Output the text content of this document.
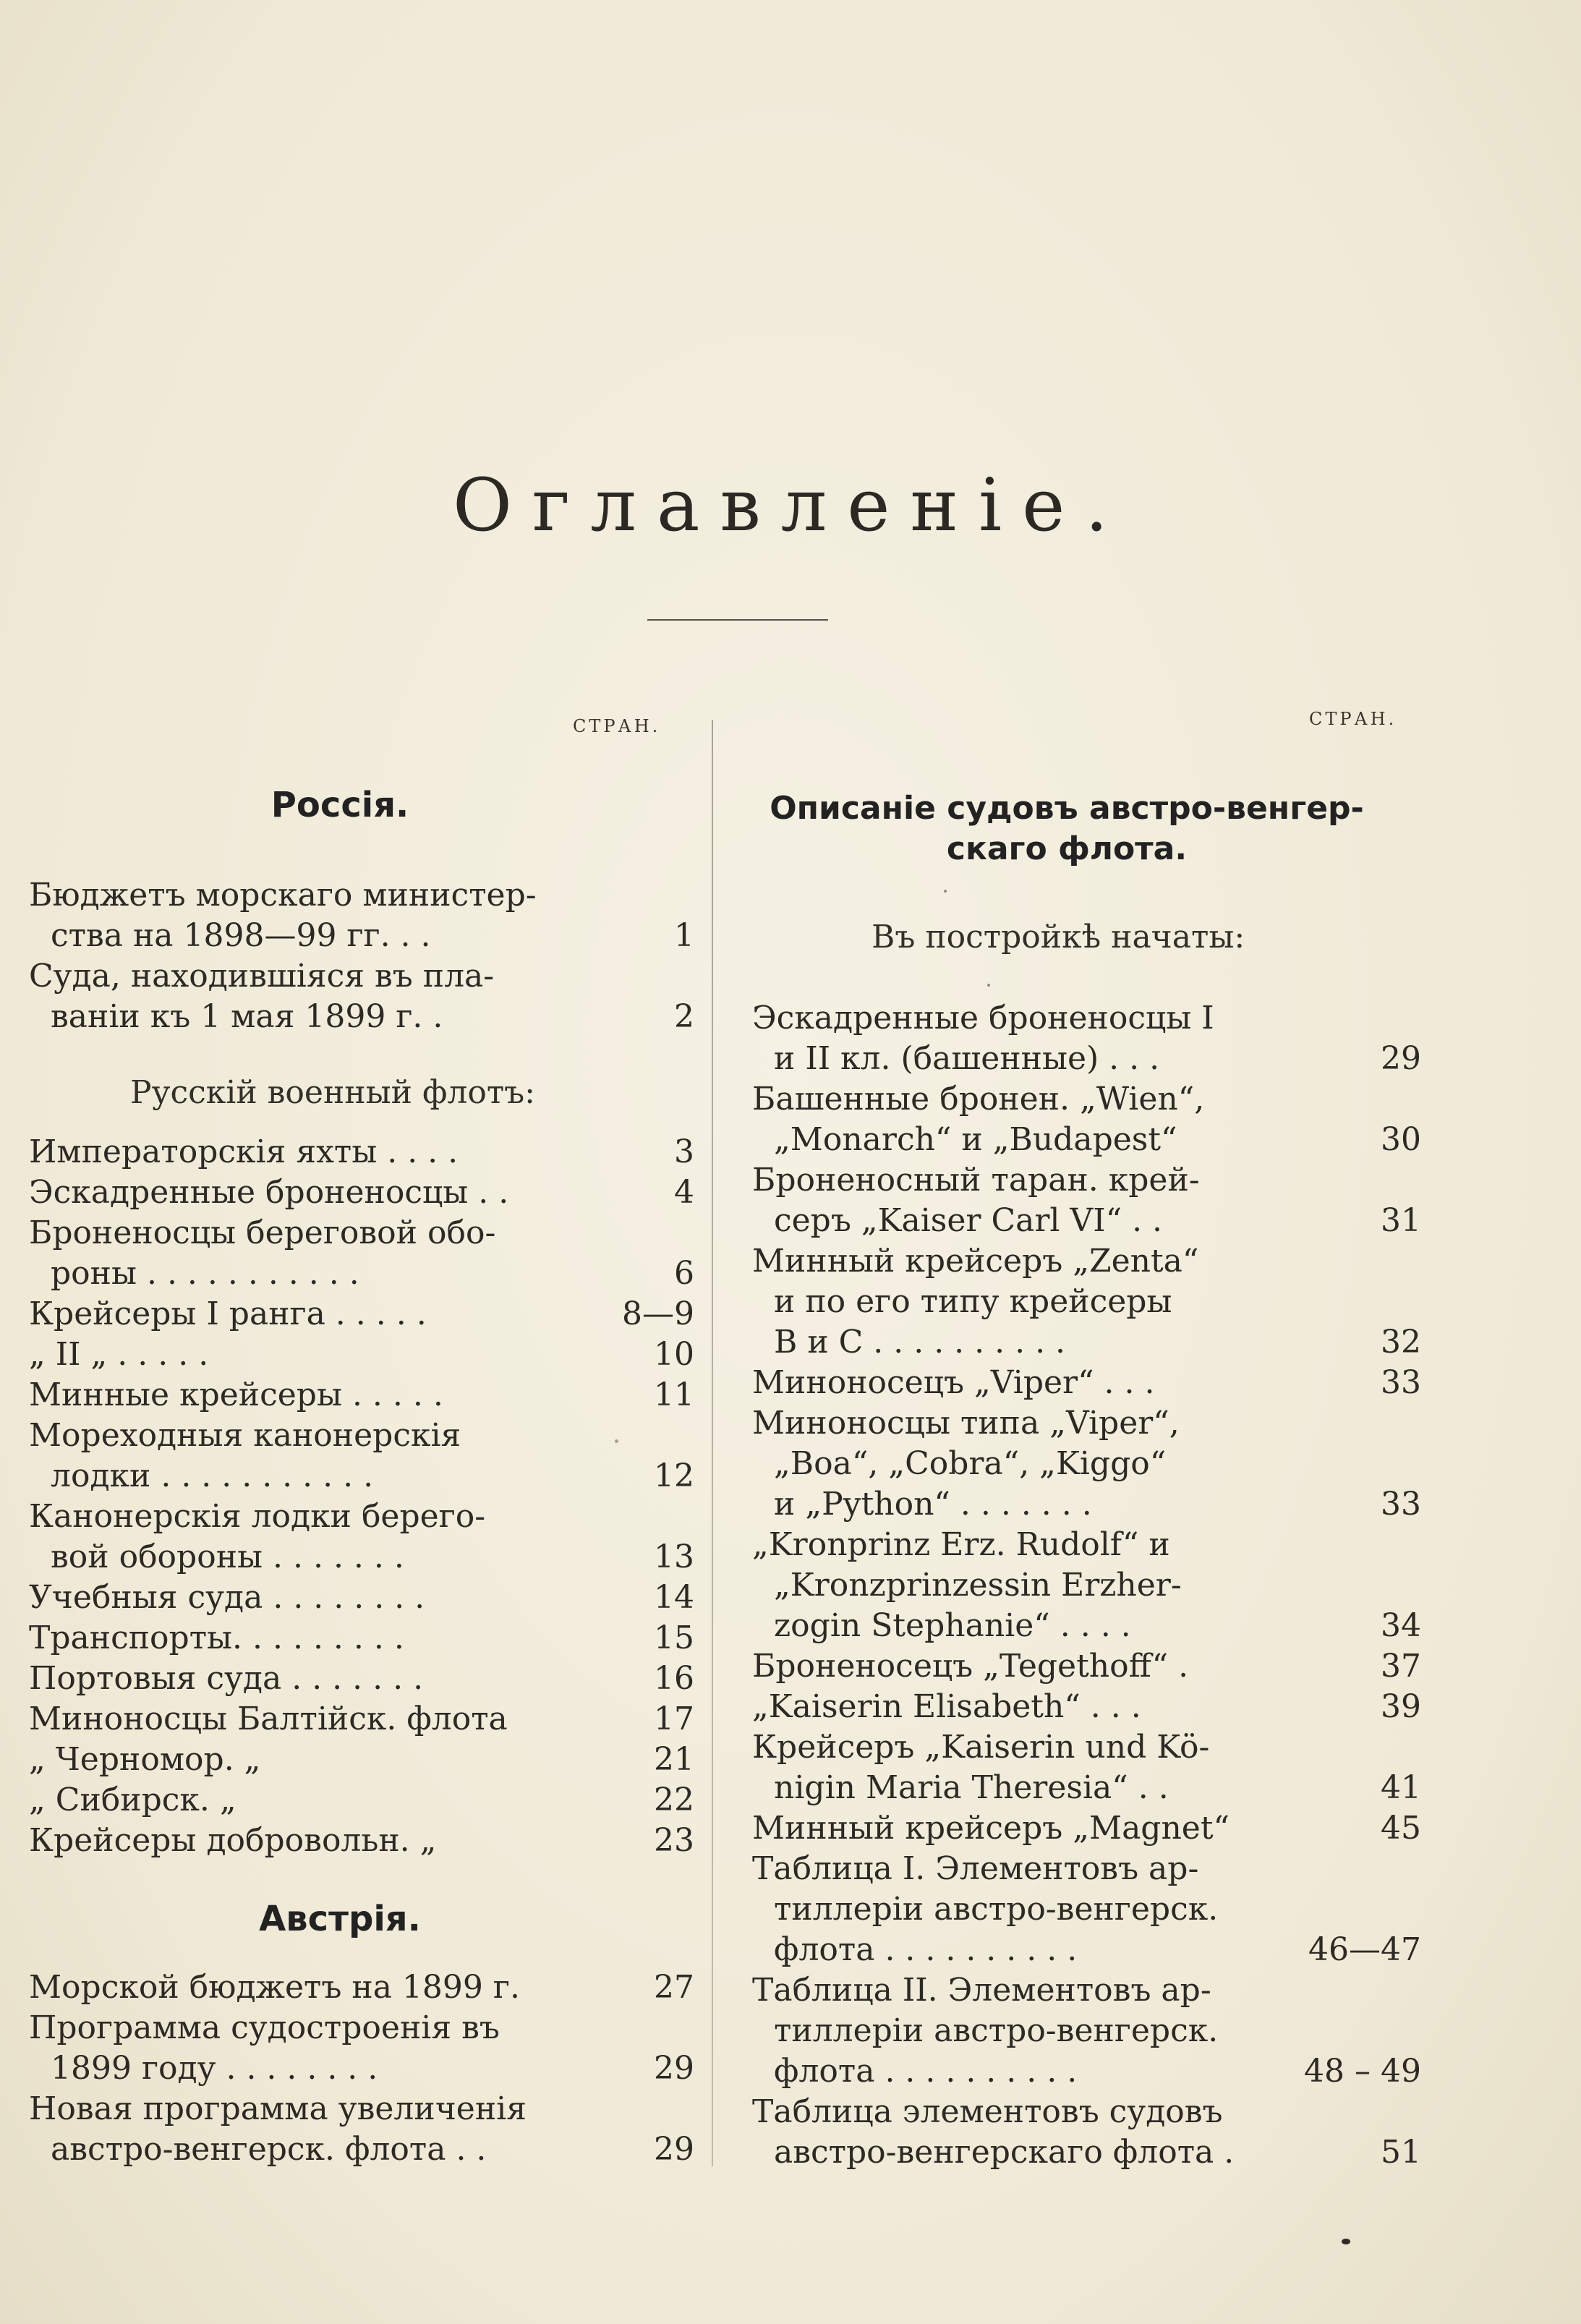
Оглавленіе.
СТРАН.
Россія.
Бюджетъ морскаго министер-
ства на 1898—99 гг. . .	1
Суда, находившіяся въ пла-
ваніи къ 1 мая 1899 г. .	2
Русскій военный флотъ:
Императорскія яхты . . . .	3
Эскадренные броненосцы . .	4
Броненосцы береговой обо-
роны . . . . . . . . . . .	6
Крейсеры I ранга . . . . .	8—9
„ II „ . . . . .	10
Минные крейсеры . . . . .	11
Мореходныя канонерскія
лодки . . . . . . . . . . .	12
Канонерскія лодки берего-
вой обороны . . . . . . .	13
Учебныя суда . . . . . . . .	14
Транспорты. . . . . . . . .	15
Портовыя суда . . . . . . .	16
Миноносцы Балтійск. флота	17
„ Черномор. „	21
„ Сибирск. „	22
Крейсеры добровольн. „	23
Австрія.
Морской бюджетъ на 1899 г.	27
Программа судостроенія въ
1899 году . . . . . . . .	29
Новая программа увеличенія
австро-венгерск. флота . .	29
СТРАН.
Описаніе судовъ австро-венгер-
скаго флота.
Въ постройкѣ начаты:
Эскадренные броненосцы I
и II кл. (башенные) . . .	29
Башенные бронен. „Wien“,
„Monarch“ и „Budapest“	30
Броненосный таран. крей-
серъ „Kaiser Carl VI“ . .	31
Минный крейсеръ „Zenta“
и по его типу крейсеры
В и С . . . . . . . . . .	32
Миноносецъ „Viper“ . . .	33
Миноносцы типа „Viper“,
„Boa“, „Cobra“, „Kiggo“
и „Python“ . . . . . . .	33
„Kronprinz Erz. Rudolf“ и
„Kronzprinzessin Erzher-
zogin Stephanie“ . . . .	34
Броненосецъ „Tegethoff“ .	37
„Kaiserin Elisabeth“ . . .	39
Крейсеръ „Kaiserin und Kö-
nigin Maria Theresia“ . .	41
Минный крейсеръ „Magnet“	45
Таблица I. Элементовъ ар-
тиллеріи австро-венгерск.
флота . . . . . . . . . .	46—47
Таблица II. Элементовъ ар-
тиллеріи австро-венгерск.
флота . . . . . . . . . .	48 – 49
Таблица элементовъ судовъ
австро-венгерскаго флота .	51
